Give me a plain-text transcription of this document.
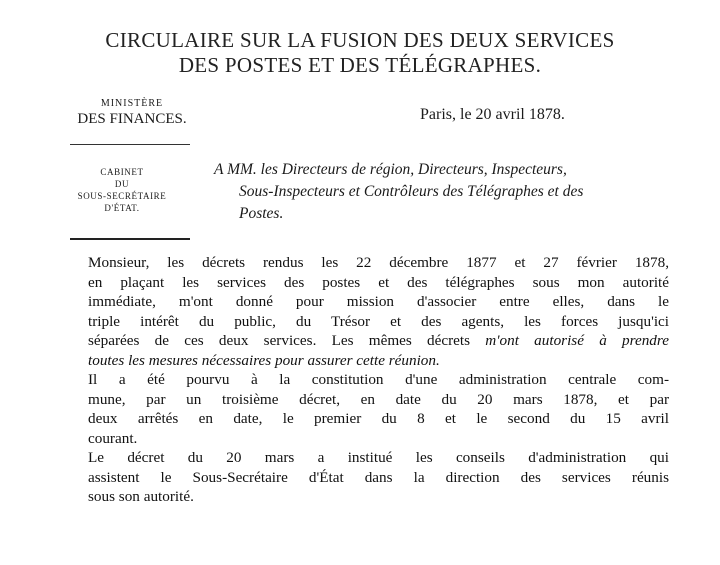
CIRCULAIRE SUR LA FUSION DES DEUX SERVICES
DES POSTES ET DES TÉLÉGRAPHES.
MINISTÈRE
DES FINANCES.	Paris, le 20 avril 1878.
CABINET
DU
SOUS-SECRÉTAIRE
D'ÉTAT.
A MM. les Directeurs de région, Directeurs, Inspecteurs,
Sous-Inspecteurs et Contrôleurs des Télégraphes et des
Postes.

Monsieur, les décrets rendus les 22 décembre 1877 et 27 février 1878,
en plaçant les services des postes et des télégraphes sous mon autorité
immédiate, m'ont donné pour mission d'associer entre elles, dans le
triple intérêt du public, du Trésor et des agents, les forces jusqu'ici
séparées de ces deux services. Les mêmes décrets m'ont autorisé à prendre
toutes les mesures nécessaires pour assurer cette réunion.

Il a été pourvu à la constitution d'une administration centrale com-
mune, par un troisième décret, en date du 20 mars 1878, et par
deux arrêtés en date, le premier du 8 et le second du 15 avril
courant.

Le décret du 20 mars a institué les conseils d'administration qui
assistent le Sous-Secrétaire d'État dans la direction des services réunis
sous son autorité.
